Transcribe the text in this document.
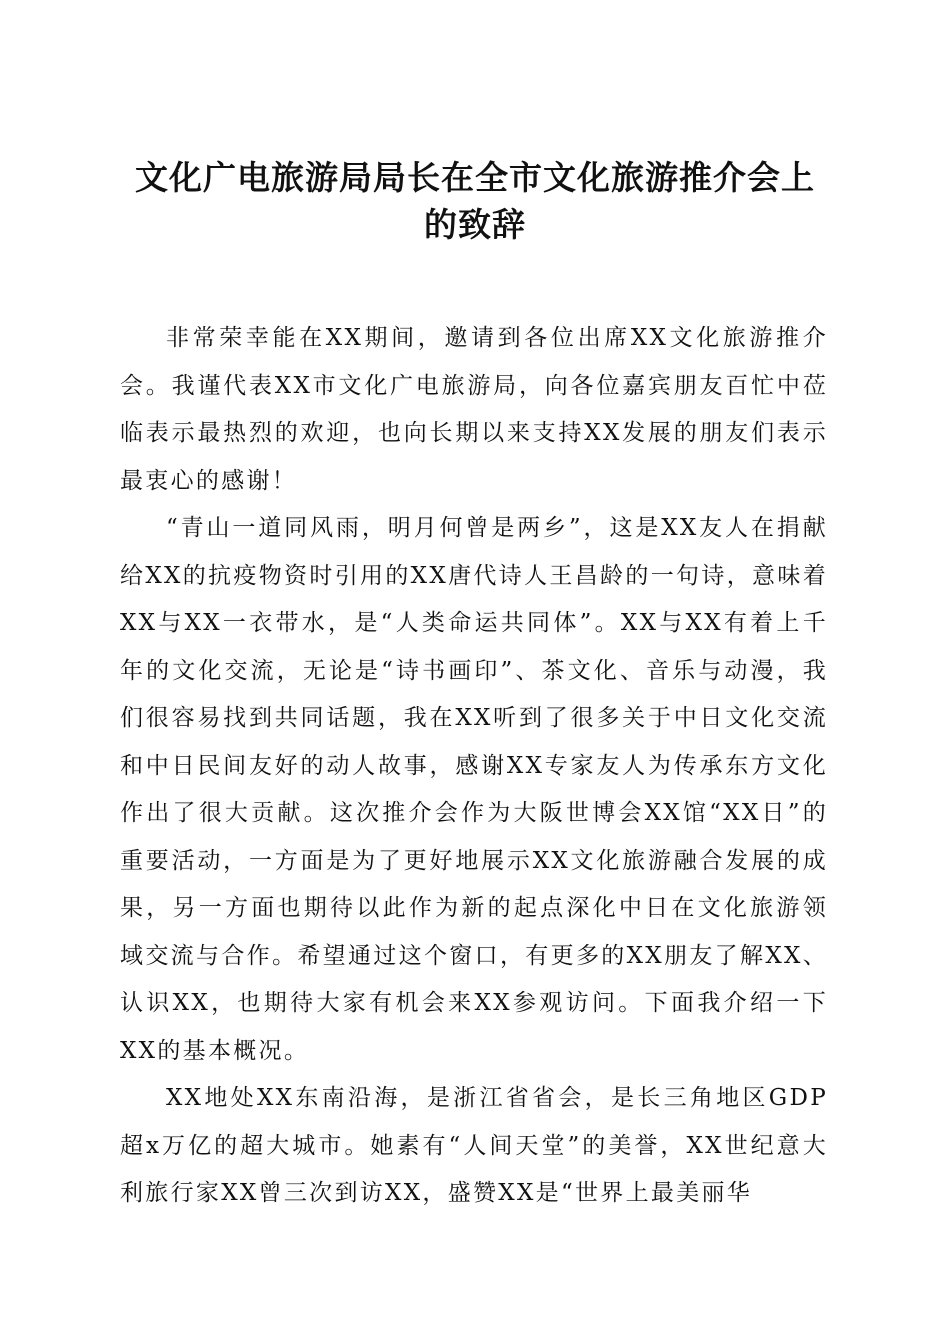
文化广电旅游局局长在全市文化旅游推介会上
的致辞

非常荣幸能在XX期间，邀请到各位出席XX文化旅游推介会。我谨代表XX市文化广电旅游局，向各位嘉宾朋友百忙中莅临表示最热烈的欢迎，也向长期以来支持XX发展的朋友们表示最衷心的感谢！

“青山一道同风雨，明月何曾是两乡”，这是XX友人在捐献给XX的抗疫物资时引用的XX唐代诗人王昌龄的一句诗，意味着XX与XX一衣带水，是“人类命运共同体”。XX与XX有着上千年的文化交流，无论是“诗书画印”、茶文化、音乐与动漫，我们很容易找到共同话题，我在XX听到了很多关于中日文化交流和中日民间友好的动人故事，感谢XX专家友人为传承东方文化作出了很大贡献。这次推介会作为大阪世博会XX馆“XX日”的重要活动，一方面是为了更好地展示XX文化旅游融合发展的成果，另一方面也期待以此作为新的起点深化中日在文化旅游领域交流与合作。希望通过这个窗口，有更多的XX朋友了解XX、认识XX，也期待大家有机会来XX参观访问。下面我介绍一下XX的基本概况。

XX地处XX东南沿海，是浙江省省会，是长三角地区GDP超x万亿的超大城市。她素有“人间天堂”的美誉，XX世纪意大利旅行家XX曾三次到访XX，盛赞XX是“世界上最美丽华
